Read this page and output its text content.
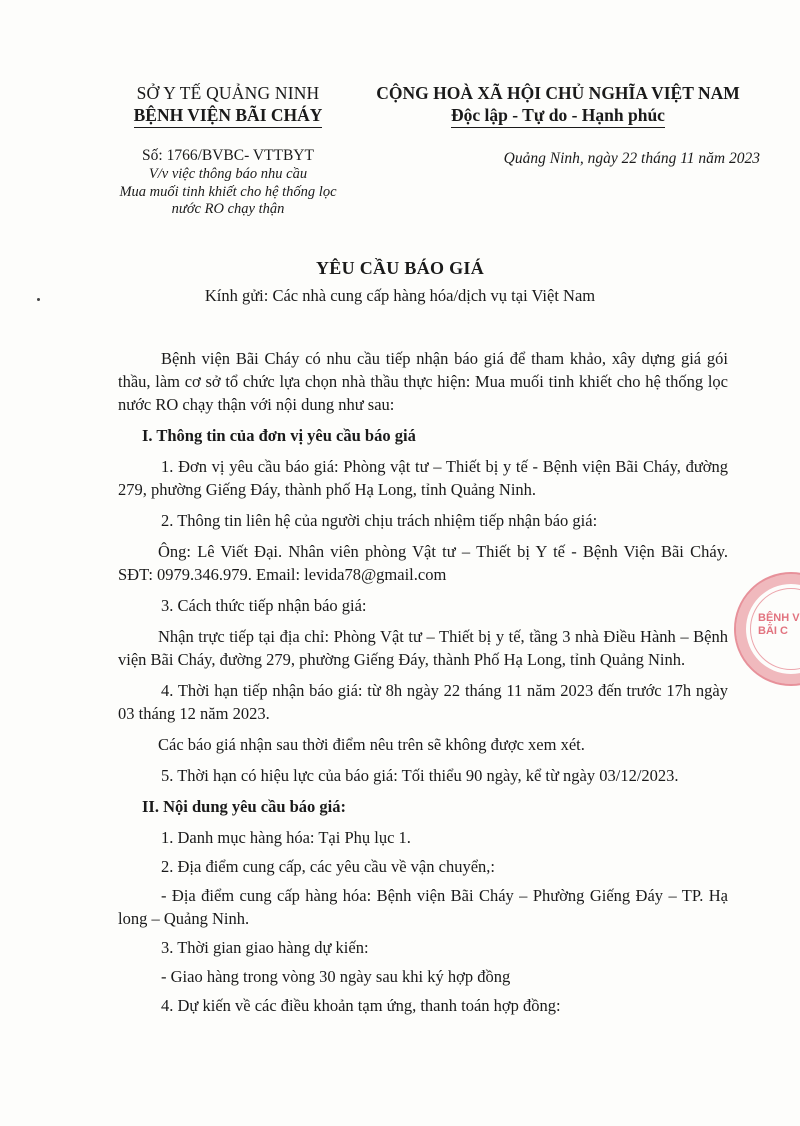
SỞ Y TẾ QUẢNG NINH
BỆNH VIỆN BÃI CHÁY
CỘNG HOÀ XÃ HỘI CHỦ NGHĨA VIỆT NAM
Độc lập - Tự do - Hạnh phúc
Số: 1766/BVBC- VTTBYT
V/v việc thông báo nhu cầu
Mua muối tinh khiết cho hệ thống lọc
nước RO chạy thận
Quảng Ninh, ngày 22 tháng 11 năm 2023
YÊU CẦU BÁO GIÁ
Kính gửi: Các nhà cung cấp hàng hóa/dịch vụ tại Việt Nam

Bệnh viện Bãi Cháy có nhu cầu tiếp nhận báo giá để tham khảo, xây dựng giá gói thầu, làm cơ sở tổ chức lựa chọn nhà thầu thực hiện: Mua muối tinh khiết cho hệ thống lọc nước RO chạy thận với nội dung như sau:

I. Thông tin của đơn vị yêu cầu báo giá

1. Đơn vị yêu cầu báo giá: Phòng vật tư – Thiết bị y tế - Bệnh viện Bãi Cháy, đường 279, phường Giếng Đáy, thành phố Hạ Long, tỉnh Quảng Ninh.

2. Thông tin liên hệ của người chịu trách nhiệm tiếp nhận báo giá:

Ông: Lê Viết Đại. Nhân viên phòng Vật tư – Thiết bị Y tế - Bệnh Viện Bãi Cháy. SĐT: 0979.346.979. Email: levida78@gmail.com

3. Cách thức tiếp nhận báo giá:

Nhận trực tiếp tại địa chỉ: Phòng Vật tư – Thiết bị y tế, tầng 3 nhà Điều Hành – Bệnh viện Bãi Cháy, đường 279, phường Giếng Đáy, thành Phố Hạ Long, tỉnh Quảng Ninh.

4. Thời hạn tiếp nhận báo giá: từ 8h ngày 22 tháng 11 năm 2023 đến trước 17h ngày 03 tháng 12 năm 2023.

Các báo giá nhận sau thời điểm nêu trên sẽ không được xem xét.

5. Thời hạn có hiệu lực của báo giá: Tối thiểu 90 ngày, kể từ ngày 03/12/2023.

II. Nội dung yêu cầu báo giá:

1. Danh mục hàng hóa: Tại Phụ lục 1.

2. Địa điểm cung cấp, các yêu cầu về vận chuyển,:

- Địa điểm cung cấp hàng hóa: Bệnh viện Bãi Cháy – Phường Giếng Đáy – TP. Hạ long – Quảng Ninh.

3. Thời gian giao hàng dự kiến:

- Giao hàng trong vòng 30 ngày sau khi ký hợp đồng

4. Dự kiến về các điều khoản tạm ứng, thanh toán hợp đồng:

BỆNH V
BÃI C
